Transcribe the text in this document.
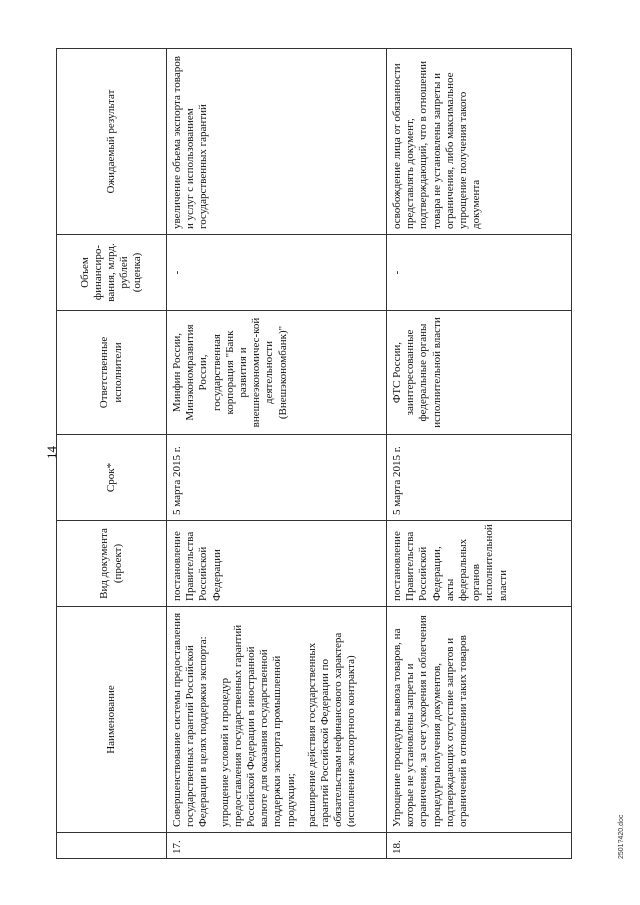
14
	Наименование	Вид документа (проект)	Срок*	Ответственные исполнители	Объем финансиро-вания, млрд. рублей (оценка)	Ожидаемый результат
17.	Совершенствование системы предоставления государственных гарантий Российской Федерации в целях поддержки экспорта: упрощение условий и процедур предоставления государственных гарантий Российской Федерации в иностранной валюте для оказания государственной поддержки экспорта промышленной продукции; расширение действия государственных гарантий Российской Федерации по обязательствам нефинансового характера (исполнение экспортного контракта)	постановление Правительства Российской Федерации	5 марта 2015 г.	Минфин России, Минэкономразвития России, государственная корпорация "Банк развития и внешнеэкономичес-кой деятельности (Внешэкономбанк)"	-	увеличение объема экспорта товаров и услуг с использованием государственных гарантий
18.	Упрощение процедуры вывоза товаров, на которые не установлены запреты и ограничения, за счет ускорения и облегчения процедуры получения документов, подтверждающих отсутствие запретов и ограничений в отношении таких товаров	постановление Правительства Российской Федерации, акты федеральных органов исполнительной власти	5 марта 2015 г.	ФТС России, заинтересованные федеральные органы исполнительной власти	-	освобождение лица от обязанности представлять документ, подтверждающий, что в отношении товара не установлены запреты и ограничения, либо максимальное упрощение получения такого документа
2501?420.doc
